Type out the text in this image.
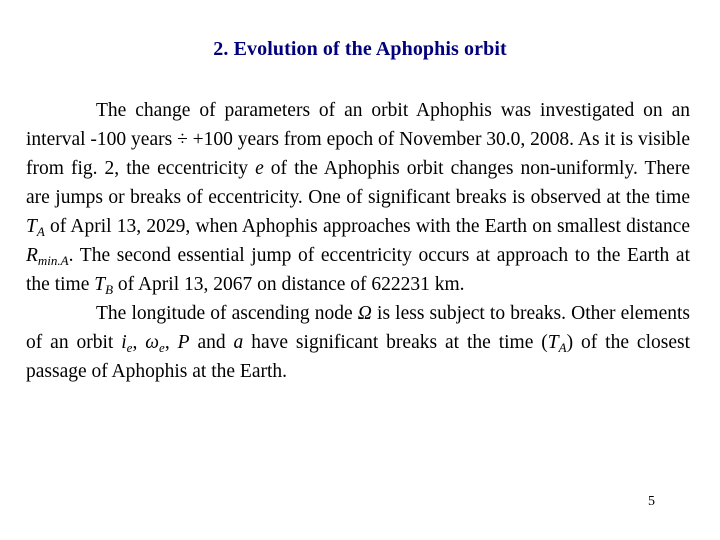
2. Evolution of the Aphophis orbit

The change of parameters of an orbit Aphophis was investigated on an interval -100 years ÷ +100 years from epoch of November 30.0, 2008. As it is visible from fig. 2, the eccentricity e of the Aphophis orbit changes non-uniformly. There are jumps or breaks of eccentricity. One of significant breaks is observed at the time $T_A$ of April 13, 2029, when Aphophis approaches with the Earth on smallest distance $R_{min.A}$. The second essential jump of eccentricity occurs at approach to the Earth at the time $T_B$ of April 13, 2067 on distance of 622231 km.

The longitude of ascending node Ω is less subject to breaks. Other elements of an orbit $i_e$, $\omega_e$, P and a have significant breaks at the time $(T_A)$ of the closest passage of Aphophis at the Earth.

5
